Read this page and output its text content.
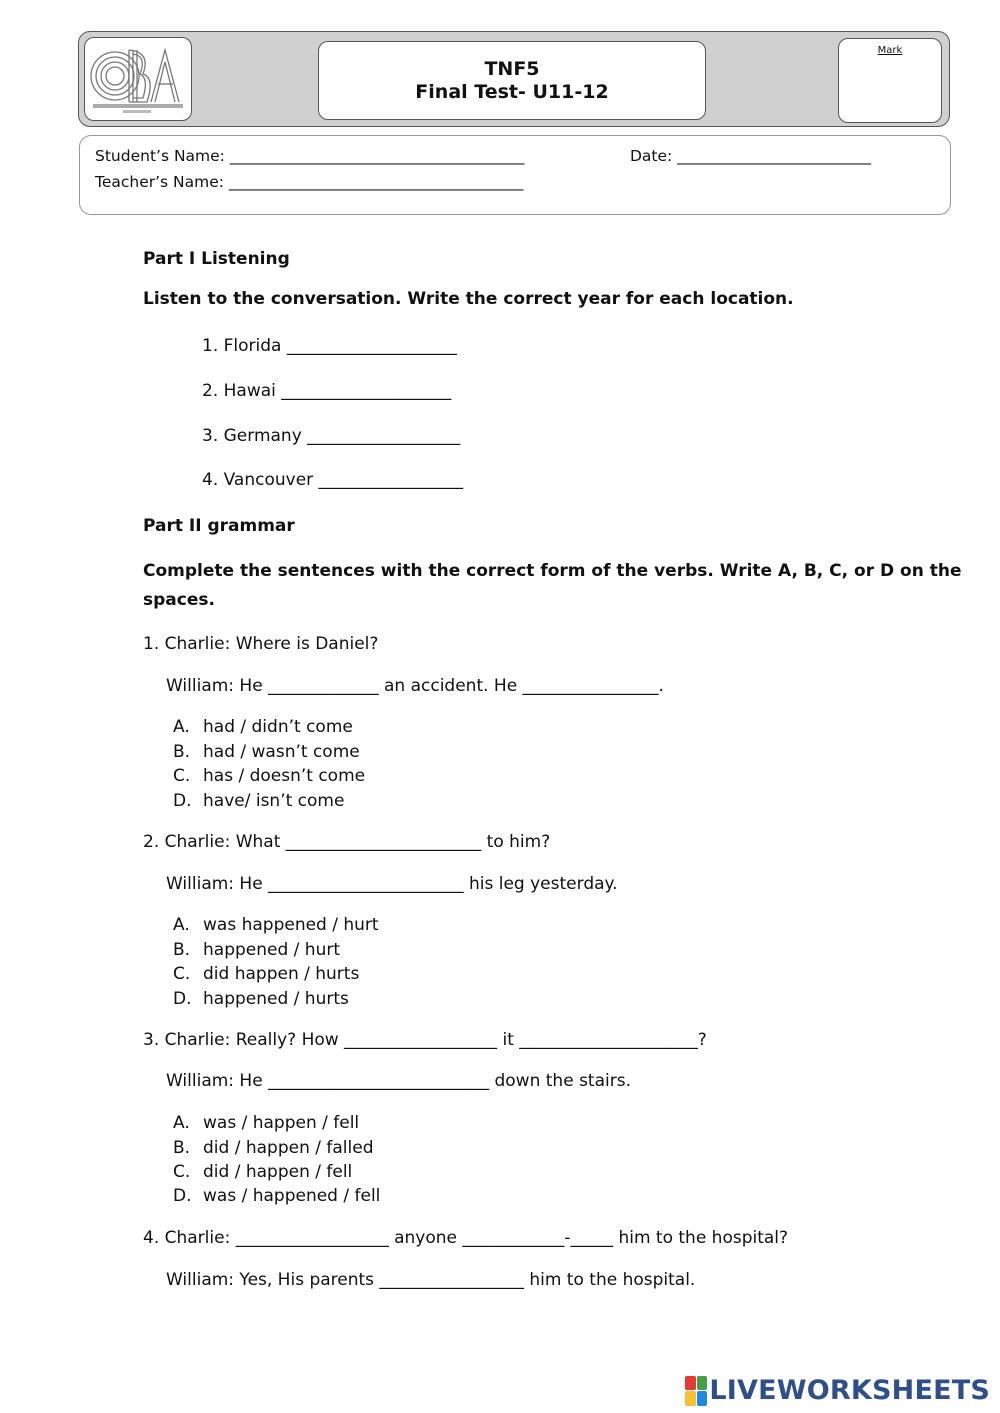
TNF5
Final Test- U11-12
Mark
Student’s Name: ______________________________________	Date: _________________________
Teacher’s Name: ______________________________________
Part I Listening
Listen to the conversation. Write the correct year for each location.
1. Florida ____________________
2. Hawai ____________________
3. Germany __________________
4. Vancouver _________________
Part II grammar
Complete the sentences with the correct form of the verbs. Write A, B, C, or D on the
spaces.
1. Charlie: Where is Daniel?
William: He _____________ an accident. He ________________.
A. had / didn’t come
B. had / wasn’t come
C. has / doesn’t come
D. have/ isn’t come
2. Charlie: What _______________________ to him?
William: He _______________________ his leg yesterday.
A. was happened / hurt
B. happened / hurt
C. did happen / hurts
D. happened / hurts
3. Charlie: Really? How __________________ it _____________________?
William: He __________________________ down the stairs.
A. was / happen / fell
B. did / happen / falled
C. did / happen / fell
D. was / happened / fell
4. Charlie: __________________ anyone ____________-_____ him to the hospital?
William: Yes, His parents _________________ him to the hospital.
LIVEWORKSHEETS
